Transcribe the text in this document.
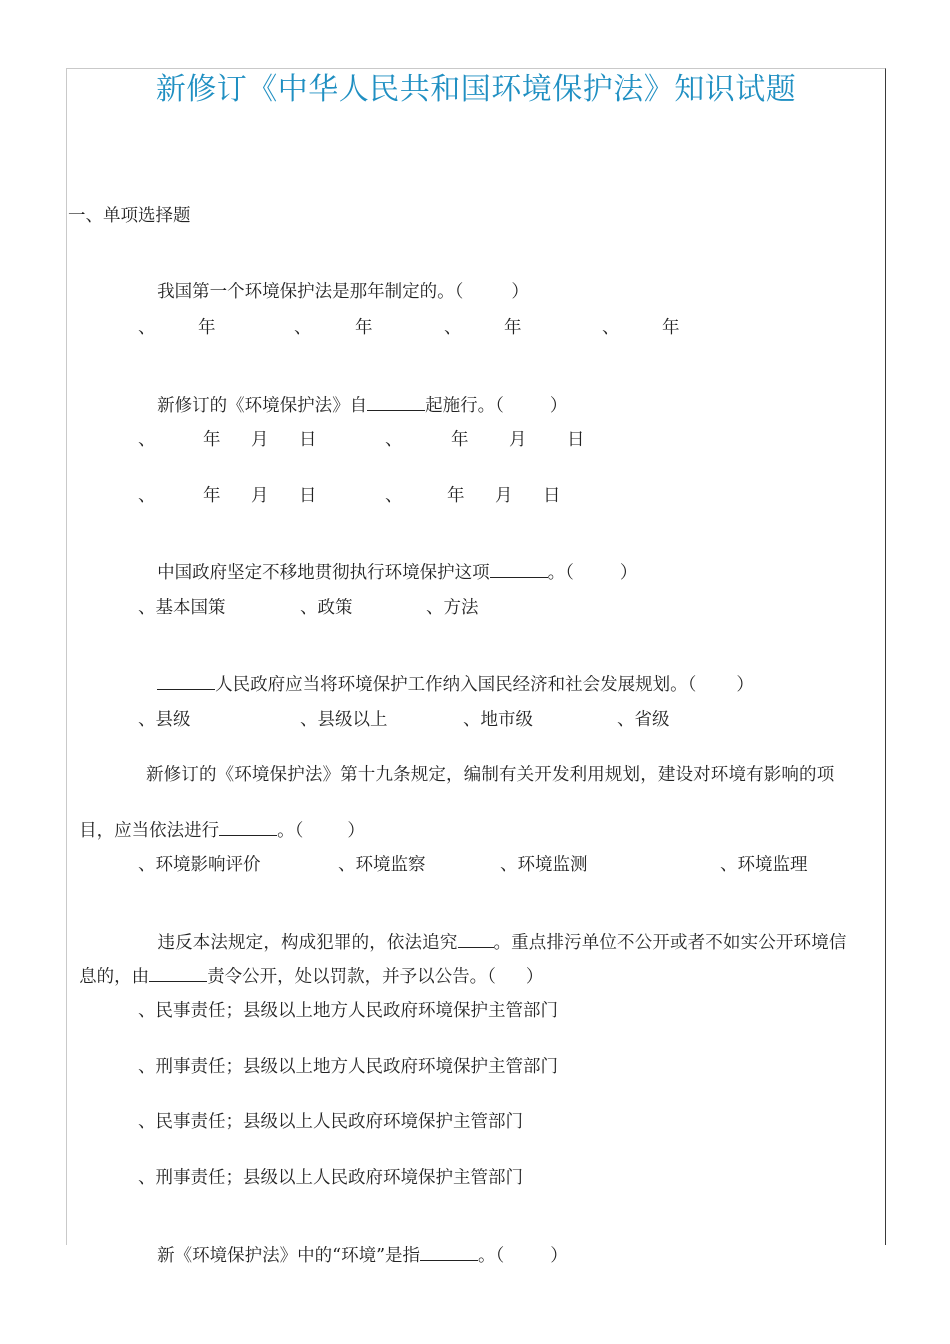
新修订《中华人民共和国环境保护法》知识试题
一、单项选择题

我国第一个环境保护法是那年制定的。（	）

、 年	、 年	、 年	、 年

新修订的《环境保护法》自	起施行。（	）

、	年 月 日	、	年 月 日
、	年 月 日	、	年 月 日

中国政府坚定不移地贯彻执行环境保护这项	。（	）

、基本国策	、政策	、方法

人民政府应当将环境保护工作纳入国民经济和社会发展规划。（ ）

、县级	、县级以上	、地市级	、省级
新修订的《环境保护法》第十九条规定，编制有关开发利用规划，建设对环境有影响的项

目，应当依法进行	。（	）

、环境影响评价	、环境监察	、环境监测	、环境监理

违反本法规定，构成犯罪的，依法追究 。重点排污单位不公开或者不如实公开环境信

息的，由	责令公开，处以罚款，并予以公告。（ ）

、民事责任；县级以上地方人民政府环境保护主管部门
、刑事责任；县级以上地方人民政府环境保护主管部门
、民事责任；县级以上人民政府环境保护主管部门
、刑事责任；县级以上人民政府环境保护主管部门

新《环境保护法》中的“环境”是指	。（	）
